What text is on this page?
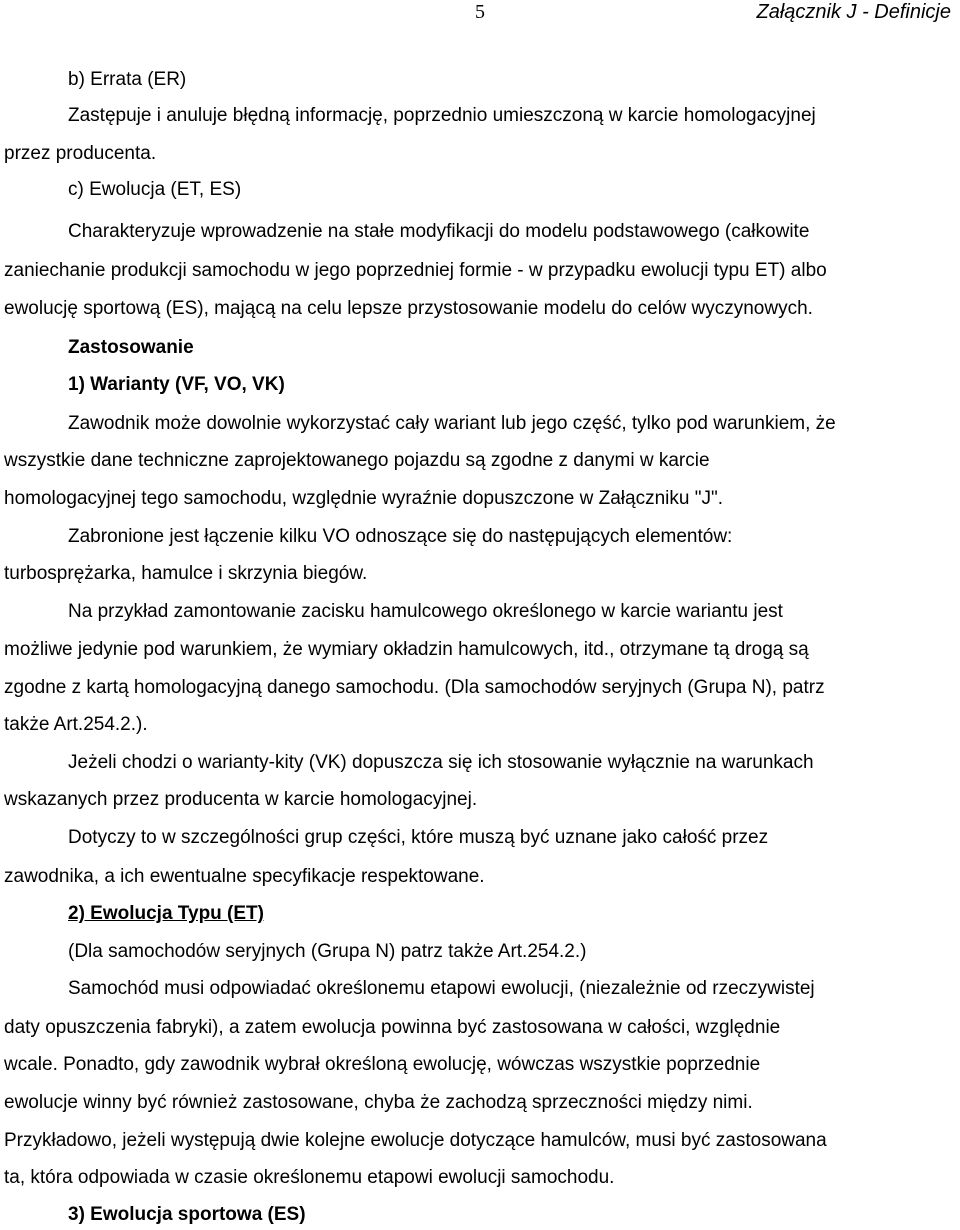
5	Załącznik J - Definicje
b) Errata (ER)
Zastępuje i anuluje błędną informację, poprzednio umieszczoną w karcie homologacyjnej
przez producenta.
c) Ewolucja (ET, ES)
Charakteryzuje wprowadzenie na stałe modyfikacji do modelu podstawowego (całkowite
zaniechanie produkcji samochodu w jego poprzedniej formie - w przypadku ewolucji typu ET) albo
ewolucję sportową (ES), mającą na celu lepsze przystosowanie modelu do celów wyczynowych.
Zastosowanie
1) Warianty (VF, VO, VK)
Zawodnik może dowolnie wykorzystać cały wariant lub jego część, tylko pod warunkiem, że
wszystkie dane techniczne zaprojektowanego pojazdu są zgodne z danymi w karcie
homologacyjnej tego samochodu, względnie wyraźnie dopuszczone w Załączniku "J".
Zabronione jest łączenie kilku VO odnoszące się do następujących elementów:
turbosprężarka, hamulce i skrzynia biegów.
Na przykład zamontowanie zacisku hamulcowego określonego w karcie wariantu jest
możliwe jedynie pod warunkiem, że wymiary okładzin hamulcowych, itd., otrzymane tą drogą są
zgodne z kartą homologacyjną danego samochodu. (Dla samochodów seryjnych (Grupa N), patrz
także Art.254.2.).
Jeżeli chodzi o warianty-kity (VK) dopuszcza się ich stosowanie wyłącznie na warunkach
wskazanych przez producenta w karcie homologacyjnej.
Dotyczy to w szczególności grup części, które muszą być uznane jako całość przez
zawodnika, a ich ewentualne specyfikacje respektowane.
2) Ewolucja Typu (ET)
(Dla samochodów seryjnych (Grupa N) patrz także Art.254.2.)
Samochód musi odpowiadać określonemu etapowi ewolucji, (niezależnie od rzeczywistej
daty opuszczenia fabryki), a zatem ewolucja powinna być zastosowana w całości, względnie
wcale. Ponadto, gdy zawodnik wybrał określoną ewolucję, wówczas wszystkie poprzednie
ewolucje winny być również zastosowane, chyba że zachodzą sprzeczności między nimi.
Przykładowo, jeżeli występują dwie kolejne ewolucje dotyczące hamulców, musi być zastosowana
ta, która odpowiada w czasie określonemu etapowi ewolucji samochodu.
3) Ewolucja sportowa (ES)
